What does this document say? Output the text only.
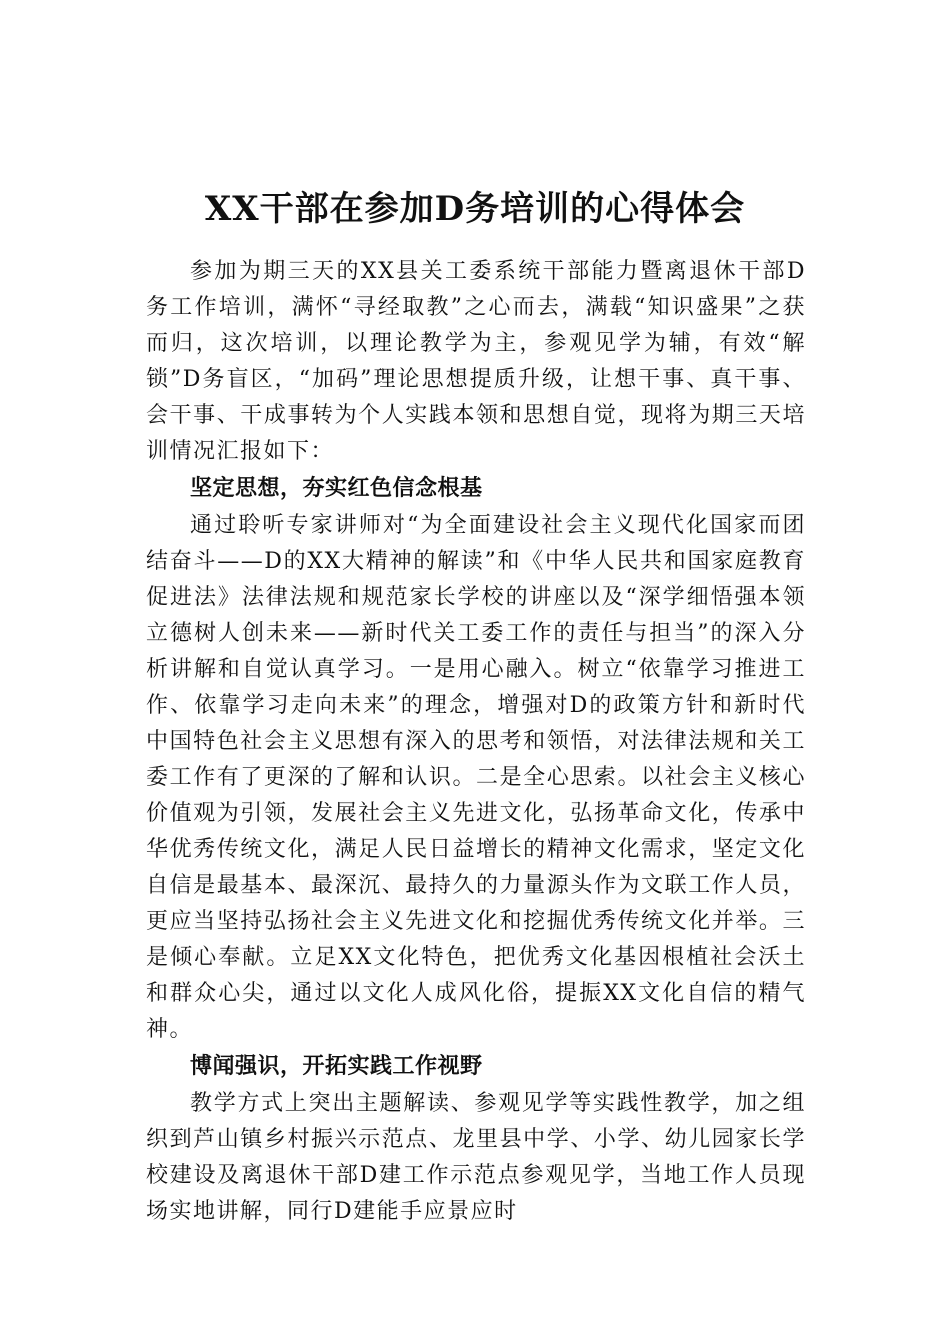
XX干部在参加D务培训的心得体会

参加为期三天的XX县关工委系统干部能力暨离退休干部D务工作培训，满怀“寻经取教”之心而去，满载“知识盛果”之获而归，这次培训，以理论教学为主，参观见学为辅，有效“解锁”D务盲区，“加码”理论思想提质升级，让想干事、真干事、会干事、干成事转为个人实践本领和思想自觉，现将为期三天培训情况汇报如下：

坚定思想，夯实红色信念根基

通过聆听专家讲师对“为全面建设社会主义现代化国家而团结奋斗——D的XX大精神的解读”和《中华人民共和国家庭教育促进法》法律法规和规范家长学校的讲座以及“深学细悟强本领立德树人创未来——新时代关工委工作的责任与担当”的深入分析讲解和自觉认真学习。一是用心融入。树立“依靠学习推进工作、依靠学习走向未来”的理念，增强对D的政策方针和新时代中国特色社会主义思想有深入的思考和领悟，对法律法规和关工委工作有了更深的了解和认识。二是全心思索。以社会主义核心价值观为引领，发展社会主义先进文化，弘扬革命文化，传承中华优秀传统文化，满足人民日益增长的精神文化需求，坚定文化自信是最基本、最深沉、最持久的力量源头作为文联工作人员，更应当坚持弘扬社会主义先进文化和挖掘优秀传统文化并举。三是倾心奉献。立足XX文化特色，把优秀文化基因根植社会沃土和群众心尖，通过以文化人成风化俗，提振XX文化自信的精气神。

博闻强识，开拓实践工作视野

教学方式上突出主题解读、参观见学等实践性教学，加之组织到芦山镇乡村振兴示范点、龙里县中学、小学、幼儿园家长学校建设及离退休干部D建工作示范点参观见学，当地工作人员现场实地讲解，同行D建能手应景应时
